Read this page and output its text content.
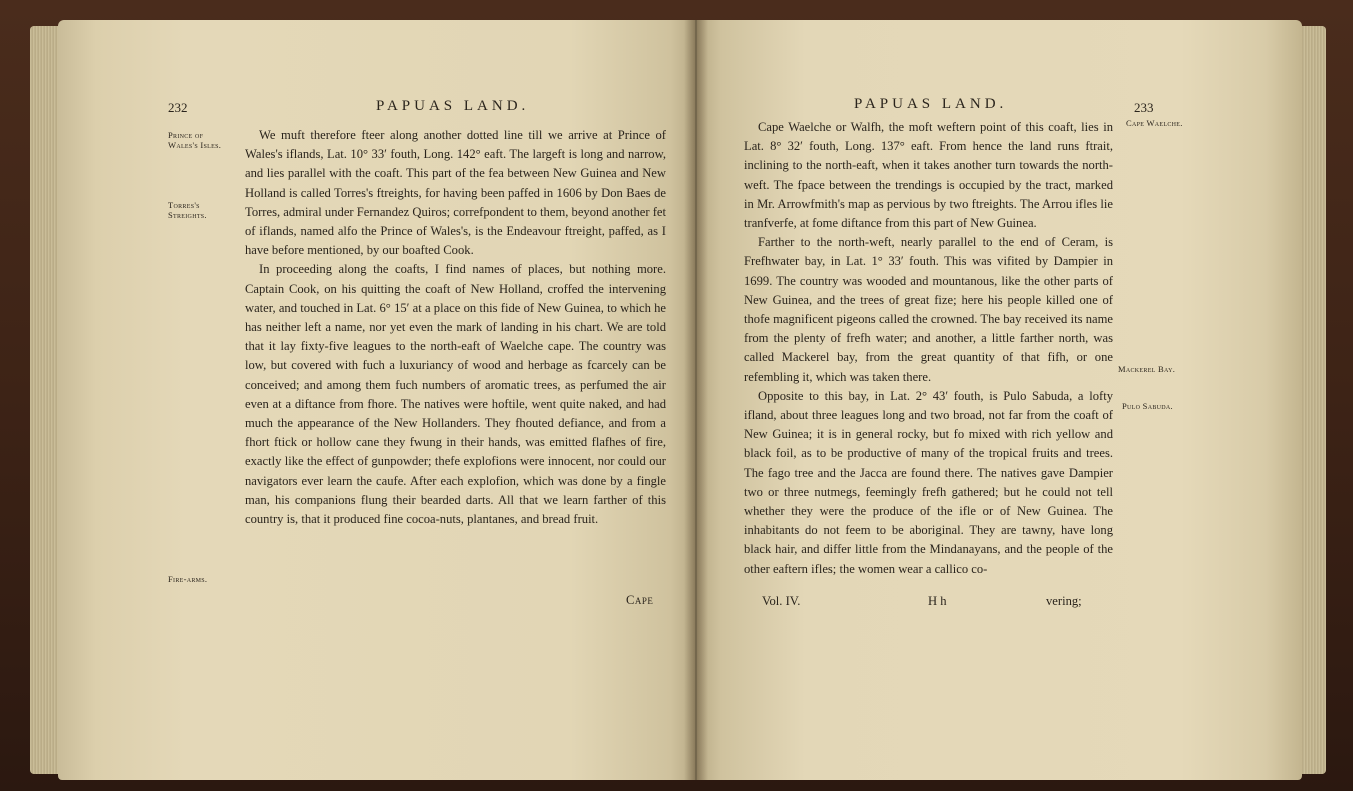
232	PAPUAS LAND.
Prince of Wales's Isles.
Torres's Streights.
Fire-arms.

We muft therefore fteer along another dotted line till we arrive at Prince of Wales's iflands, Lat. 10° 33′ fouth, Long. 142° eaft. The largeft is long and narrow, and lies parallel with the coaft. This part of the fea between New Guinea and New Holland is called Torres's ftreights, for having been paffed in 1606 by Don Baes de Torres, admiral under Fernandez Quiros; correfpondent to them, beyond another fet of iflands, named alfo the Prince of Wales's, is the Endeavour ftreight, paffed, as I have before mentioned, by our boafted Cook.

In proceeding along the coafts, I find names of places, but nothing more. Captain Cook, on his quitting the coaft of New Holland, croffed the intervening water, and touched in Lat. 6° 15′ at a place on this fide of New Guinea, to which he has neither left a name, nor yet even the mark of landing in his chart. We are told that it lay fixty-five leagues to the north-eaft of Waelche cape. The country was low, but covered with fuch a luxuriancy of wood and herbage as fcarcely can be conceived; and among them fuch numbers of aromatic trees, as perfumed the air even at a diftance from fhore. The natives were hoftile, went quite naked, and had much the appearance of the New Hollanders. They fhouted defiance, and from a fhort ftick or hollow cane they fwung in their hands, was emitted flafhes of fire, exactly like the effect of gunpowder; thefe explofions were innocent, nor could our navigators ever learn the caufe. After each explofion, which was done by a fingle man, his companions flung their bearded darts. All that we learn farther of this country is, that it produced fine cocoa-nuts, plantanes, and bread fruit.

Cape
PAPUAS LAND.	233
Cape Waelche.
Mackerel Bay.
Pulo Sabuda.

Cape Waelche or Walfh, the moft weftern point of this coaft, lies in Lat. 8° 32′ fouth, Long. 137° eaft. From hence the land runs ftrait, inclining to the north-eaft, when it takes another turn towards the north-weft. The fpace between the trendings is occupied by the tract, marked in Mr. Arrowfmith's map as pervious by two ftreights. The Arrou ifles lie tranfverfe, at fome diftance from this part of New Guinea.

Farther to the north-weft, nearly parallel to the end of Ceram, is Frefhwater bay, in Lat. 1° 33′ fouth. This was vifited by Dampier in 1699. The country was wooded and mountanous, like the other parts of New Guinea, and the trees of great fize; here his people killed one of thofe magnificent pigeons called the crowned. The bay received its name from the plenty of frefh water; and another, a little farther north, was called Mackerel bay, from the great quantity of that fifh, or one refembling it, which was taken there.

Opposite to this bay, in Lat. 2° 43′ fouth, is Pulo Sabuda, a lofty ifland, about three leagues long and two broad, not far from the coaft of New Guinea; it is in general rocky, but fo mixed with rich yellow and black foil, as to be productive of many of the tropical fruits and trees. The fago tree and the Jacca are found there. The natives gave Dampier two or three nutmegs, feemingly frefh gathered; but he could not tell whether they were the produce of the ifle or of New Guinea. The inhabitants do not feem to be aboriginal. They are tawny, have long black hair, and differ little from the Mindanayans, and the people of the other eaftern ifles; the women wear a callico co-

Vol. IV.	H h	vering;
